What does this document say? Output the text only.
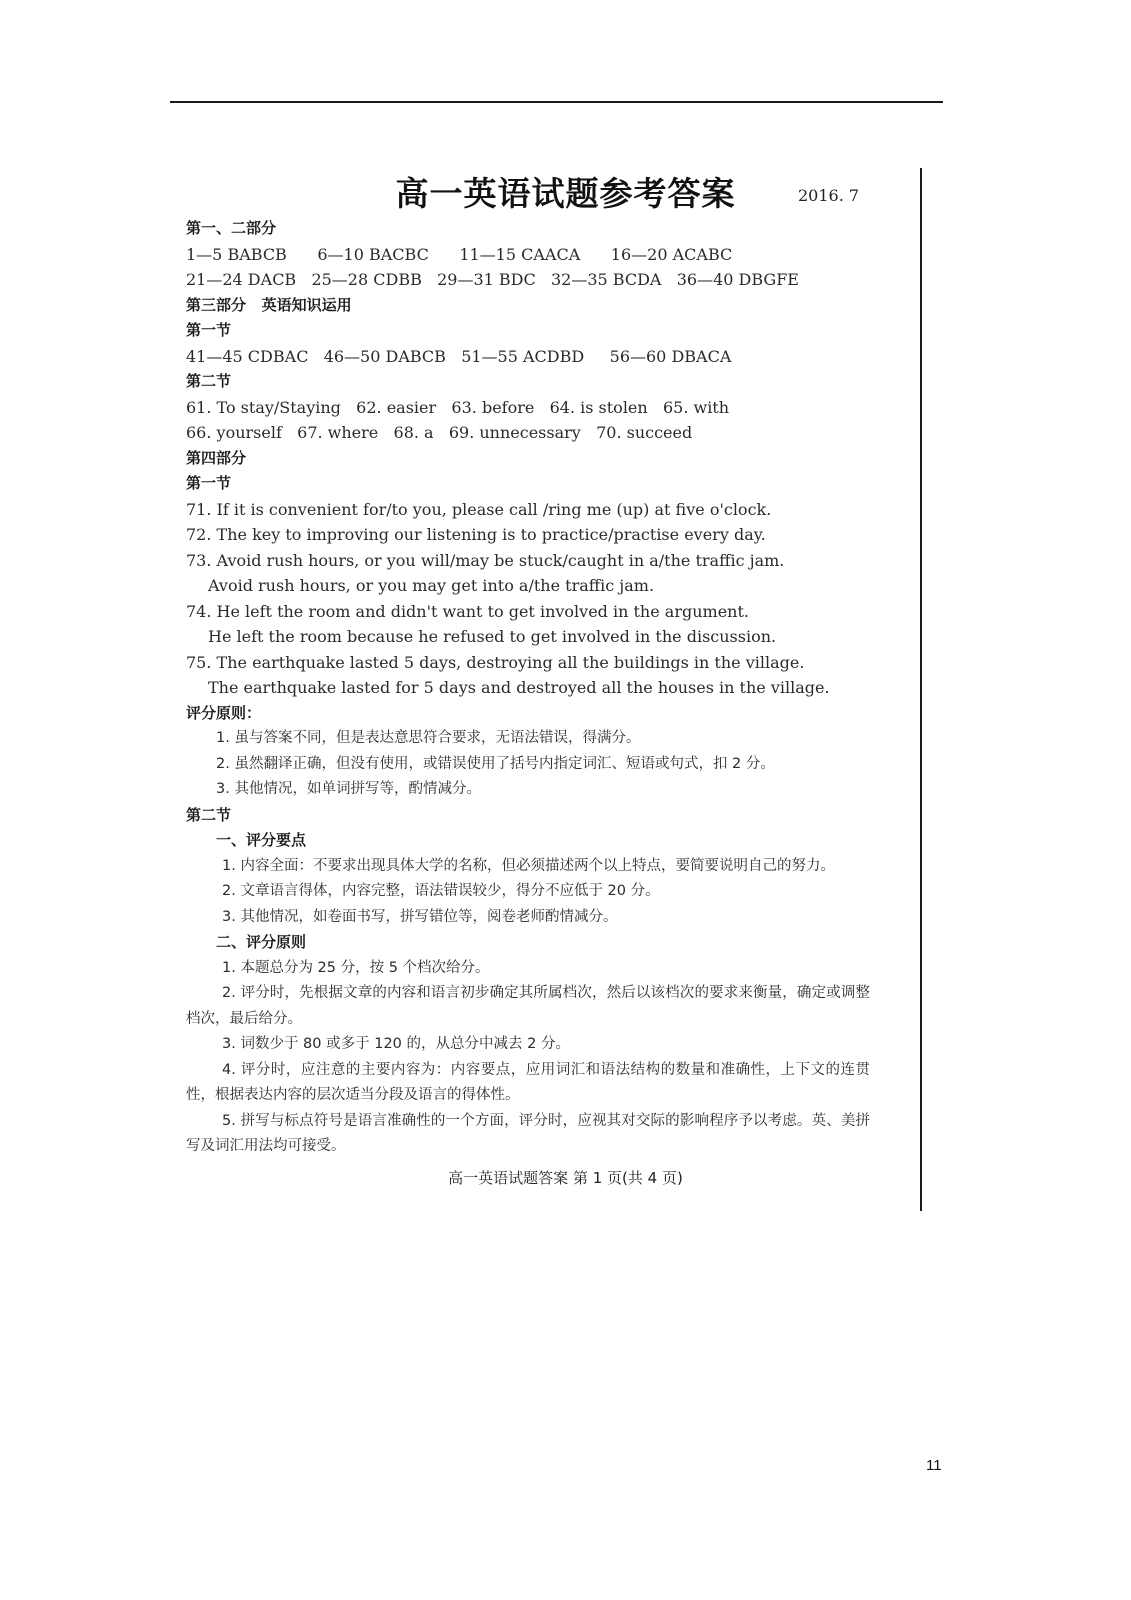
高一英语试题参考答案	2016. 7
第一、二部分
1—5 BABCB      6—10 BACBC      11—15 CAACA      16—20 ACABC
21—24 DACB   25—28 CDBB   29—31 BDC   32—35 BCDA   36—40 DBGFE
第三部分   英语知识运用
第一节
41—45 CDBAC   46—50 DABCB   51—55 ACDBD     56—60 DBACA
第二节
61. To stay/Staying   62. easier   63. before   64. is stolen   65. with
66. yourself   67. where   68. a   69. unnecessary   70. succeed
第四部分
第一节
71. If it is convenient for/to you, please call /ring me (up) at five o'clock.
72. The key to improving our listening is to practice/practise every day.
73. Avoid rush hours, or you will/may be stuck/caught in a/the traffic jam.
Avoid rush hours, or you may get into a/the traffic jam.
74. He left the room and didn't want to get involved in the argument.
He left the room because he refused to get involved in the discussion.
75. The earthquake lasted 5 days, destroying all the buildings in the village.
The earthquake lasted for 5 days and destroyed all the houses in the village.
评分原则：
1. 虽与答案不同，但是表达意思符合要求，无语法错误，得满分。
2. 虽然翻译正确，但没有使用，或错误使用了括号内指定词汇、短语或句式，扣 2 分。
3. 其他情况，如单词拼写等，酌情减分。
第二节
一、评分要点
1. 内容全面：不要求出现具体大学的名称，但必须描述两个以上特点，要简要说明自己的努力。
2. 文章语言得体，内容完整，语法错误较少，得分不应低于 20 分。
3. 其他情况，如卷面书写，拼写错位等，阅卷老师酌情减分。
二、评分原则
1. 本题总分为 25 分，按 5 个档次给分。
2. 评分时，先根据文章的内容和语言初步确定其所属档次，然后以该档次的要求来衡量，确定或调整档次，最后给分。
3. 词数少于 80 或多于 120 的，从总分中减去 2 分。
4. 评分时，应注意的主要内容为：内容要点，应用词汇和语法结构的数量和准确性，上下文的连贯性，根据表达内容的层次适当分段及语言的得体性。
5. 拼写与标点符号是语言准确性的一个方面，评分时，应视其对交际的影响程序予以考虑。英、美拼写及词汇用法均可接受。
高一英语试题答案 第 1 页(共 4 页)
11
